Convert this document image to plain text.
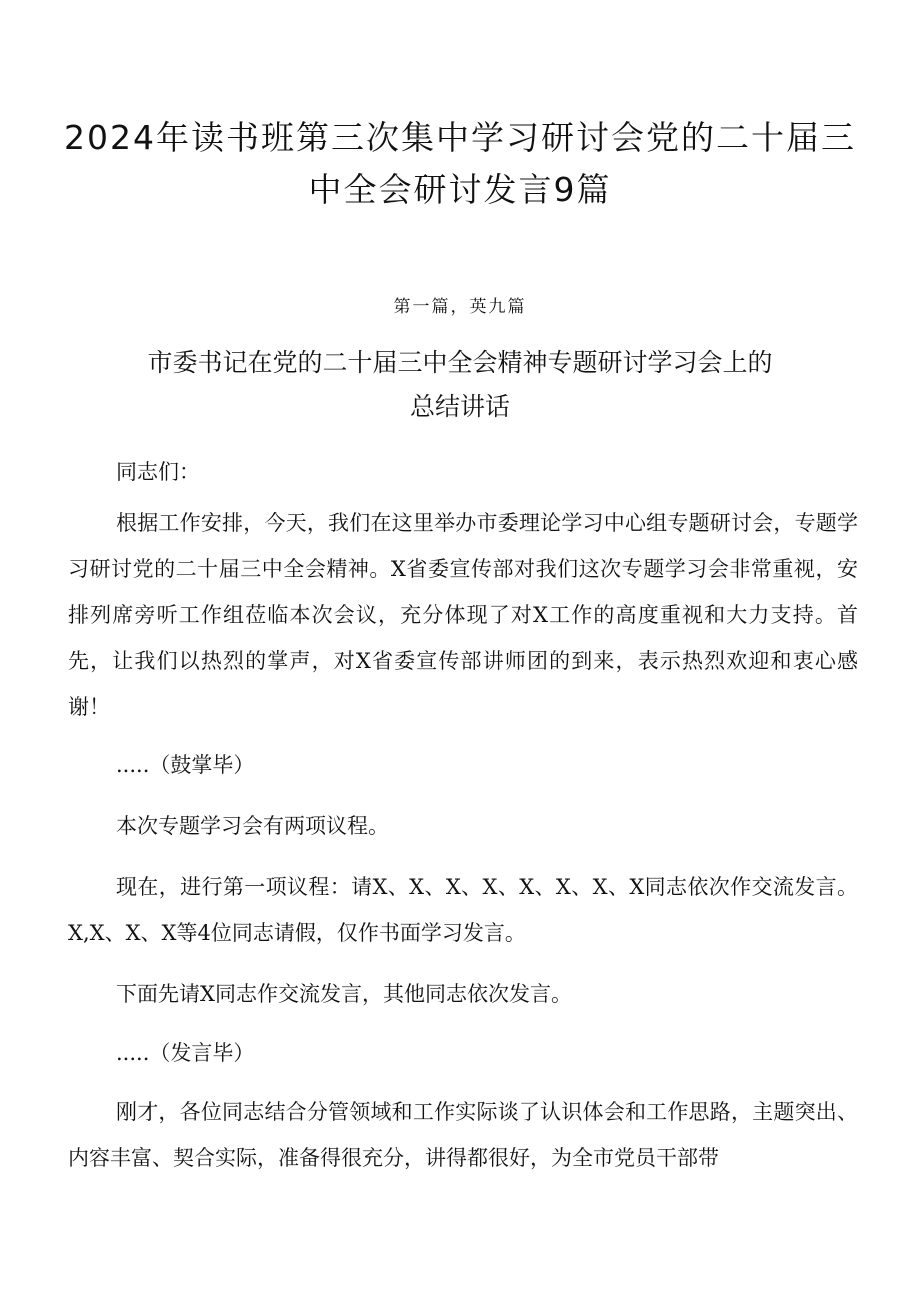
2024年读书班第三次集中学习研讨会党的二十届三
中全会研讨发言9篇
第一篇，英九篇
市委书记在党的二十届三中全会精神专题研讨学习会上的
总结讲话

同志们：

根据工作安排，今天，我们在这里举办市委理论学习中心组专题研讨会，专题学习研讨党的二十届三中全会精神。X省委宣传部对我们这次专题学习会非常重视，安排列席旁听工作组莅临本次会议，充分体现了对X工作的高度重视和大力支持。首先，让我们以热烈的掌声，对X省委宣传部讲师团的到来，表示热烈欢迎和衷心感谢！

.....（鼓掌毕）

本次专题学习会有两项议程。

现在，进行第一项议程：请X、X、X、X、X、X、X、X同志依次作交流发言。X,X、X、X等4位同志请假，仅作书面学习发言。

下面先请X同志作交流发言，其他同志依次发言。

.....（发言毕）

刚才，各位同志结合分管领域和工作实际谈了认识体会和工作思路，主题突出、内容丰富、契合实际，准备得很充分，讲得都很好，为全市党员干部带
